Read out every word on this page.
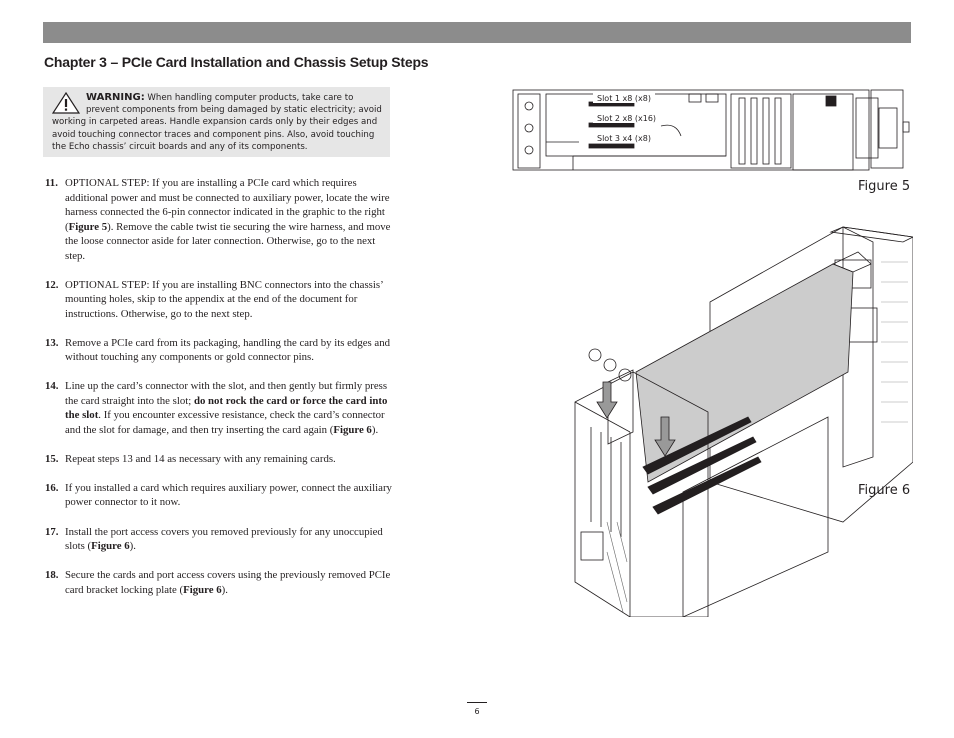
Chapter 3 – PCIe Card Installation and Chassis Setup Steps
WARNING: When handling computer products, take care to prevent components from being damaged by static electricity; avoid working in carpeted areas. Handle expansion cards only by their edges and avoid touching connector traces and component pins. Also, avoid touching the Echo chassis’ circuit boards and any of its components.
11. OPTIONAL STEP: If you are installing a PCIe card which requires additional power and must be connected to auxiliary power, locate the wire harness connected the 6-pin connector indicated in the graphic to the right (Figure 5). Remove the cable twist tie securing the wire harness, and move the loose connector aside for later connection. Otherwise, go to the next step.
12. OPTIONAL STEP: If you are installing BNC connectors into the chassis’ mounting holes, skip to the appendix at the end of the document for instructions. Otherwise, go to the next step.
13. Remove a PCIe card from its packaging, handling the card by its edges and without touching any components or gold connector pins.
14. Line up the card’s connector with the slot, and then gently but firmly press the card straight into the slot; do not rock the card or force the card into the slot. If you encounter excessive resistance, check the card’s connector and the slot for damage, and then try inserting the card again (Figure 6).
15. Repeat steps 13 and 14 as necessary with any remaining cards.
16. If you installed a card which requires auxiliary power, connect the auxiliary power connector to it now.
17. Install the port access covers you removed previously for any unoccupied slots (Figure 6).
18. Secure the cards and port access covers using the previously removed PCIe card bracket locking plate (Figure 6).
Slot 1 x8 (x8)
Slot 2 x8 (x16)
Slot 3 x4 (x8)
Figure 5
Figure 6
6
